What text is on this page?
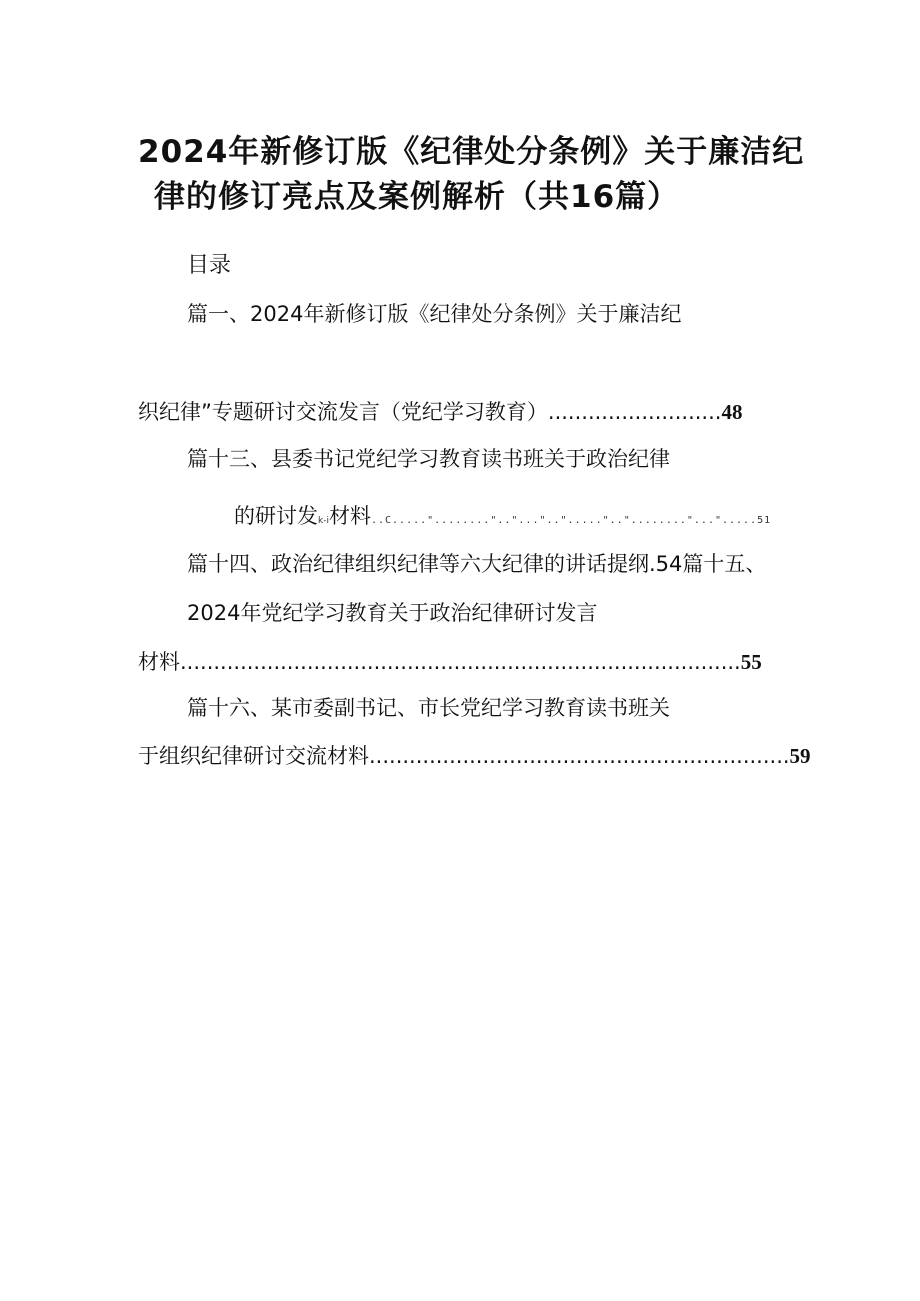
2024年新修订版《纪律处分条例》关于廉洁纪
律的修订亮点及案例解析（共16篇）
目录
篇一、2024年新修订版《纪律处分条例》关于廉洁纪
织纪律”专题研讨交流发言（党纪学习教育）..........................48
篇十三、县委书记党纪学习教育读书班关于政治纪律
的研讨发k-i材料..C....."........".."..."..".....".."........"...".....51
篇十四、政治纪律组织纪律等六大纪律的讲话提纲.54篇十五、
2024年党纪学习教育关于政治纪律研讨发言
材料....................................................................................55
篇十六、某市委副书记、市长党纪学习教育读书班关
于组织纪律研讨交流材料...............................................................59
